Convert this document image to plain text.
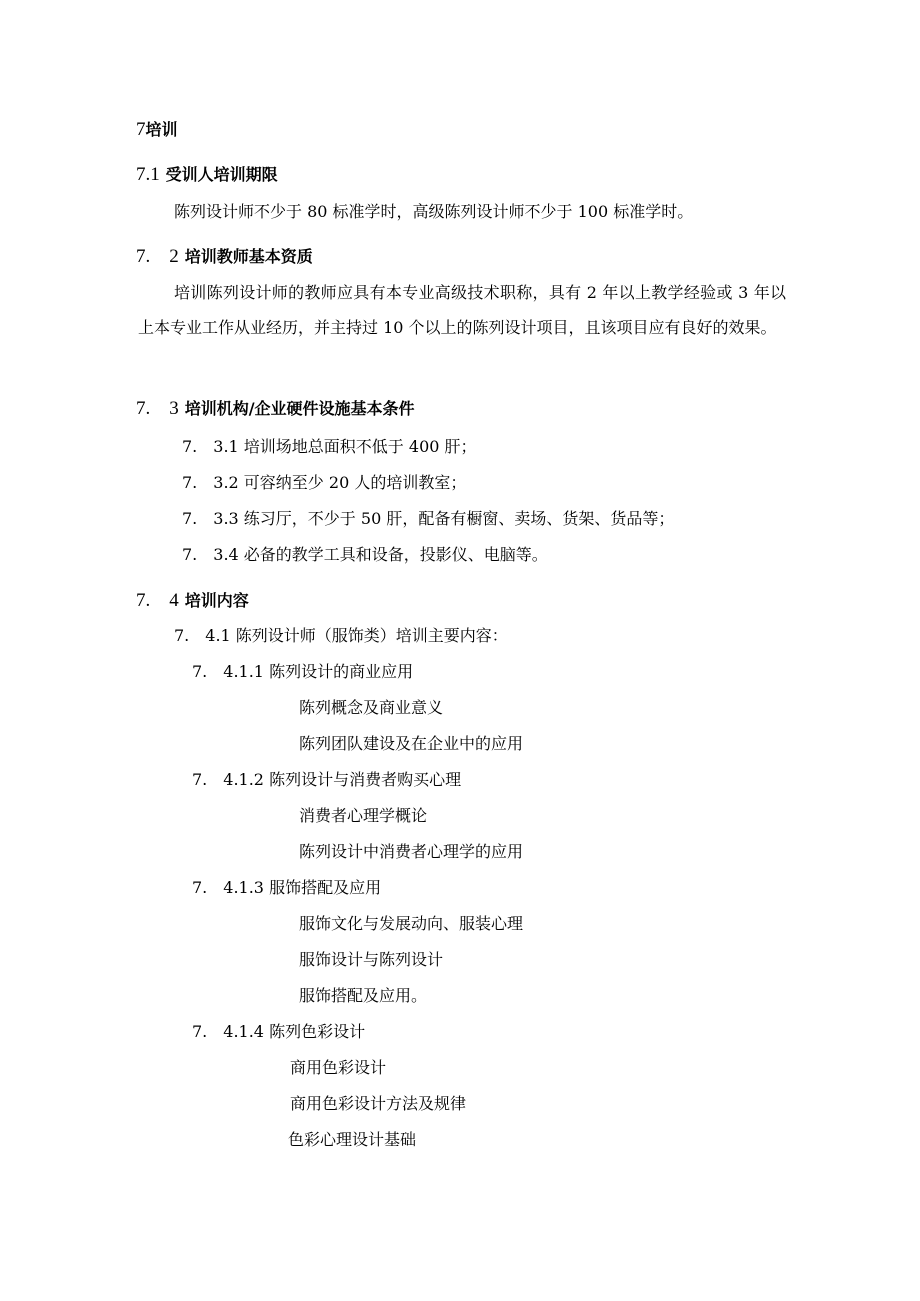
7培训
7.1 受训人培训期限
陈列设计师不少于 80 标准学时，高级陈列设计师不少于 100 标准学时。
7.　2 培训教师基本资质
培训陈列设计师的教师应具有本专业高级技术职称，具有 2 年以上教学经验或 3 年以上本专业工作从业经历，并主持过 10 个以上的陈列设计项目，且该项目应有良好的效果。
7.　3 培训机构/企业硬件设施基本条件
7.　3.1 培训场地总面积不低于 400 肝；
7.　3.2 可容纳至少 20 人的培训教室；
7.　3.3 练习厅，不少于 50 肝，配备有橱窗、卖场、货架、货品等；
7.　3.4 必备的教学工具和设备，投影仪、电脑等。
7.　4 培训内容
7.　4.1 陈列设计师（服饰类）培训主要内容：
7.　4.1.1 陈列设计的商业应用
陈列概念及商业意义
陈列团队建设及在企业中的应用
7.　4.1.2 陈列设计与消费者购买心理
消费者心理学概论
陈列设计中消费者心理学的应用
7.　4.1.3 服饰搭配及应用
服饰文化与发展动向、服装心理
服饰设计与陈列设计
服饰搭配及应用。
7.　4.1.4 陈列色彩设计
商用色彩设计
商用色彩设计方法及规律
色彩心理设计基础
